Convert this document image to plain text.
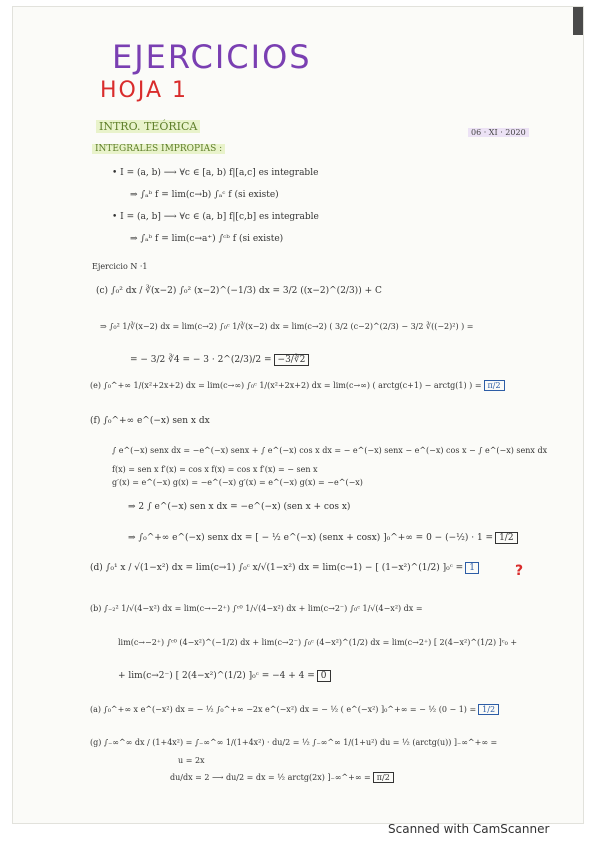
EJERCICIOS
HOJA 1
INTRO. TEÓRICA	06 · XI · 2020
INTEGRALES IMPROPIAS :
• I = (a, b) ⟶ ∀c ∈ [a, b) f|[a,c] es integrable
⇒ ∫ₐᵇ f = lim(c→b) ∫ₐᶜ f (si existe)
• I = (a, b] ⟶ ∀c ∈ (a, b] f|[c,b] es integrable
⇒ ∫ₐᵇ f = lim(c→a⁺) ∫ᶜᵇ f (si existe)
Ejercicio N ·1
(c) ∫₀² dx / ∛(x−2) ∫₀² (x−2)^(−1/3) dx = 3/2 ((x−2)^(2/3)) + C
⇒ ∫₀² 1/∛(x−2) dx = lim(c→2) ∫₀ᶜ 1/∛(x−2) dx = lim(c→2) ( 3/2 (c−2)^(2/3) − 3/2 ∛((−2)²) ) =
= − 3/2 ∛4 = − 3 · 2^(2/3)/2 = −3/∛2
(e) ∫₀^+∞ 1/(x²+2x+2) dx = lim(c→∞) ∫₀ᶜ 1/(x²+2x+2) dx = lim(c→∞) ( arctg(c+1) − arctg(1) ) = π/2
(f) ∫₀^+∞ e^(−x) sen x dx
∫ e^(−x) senx dx = −e^(−x) senx + ∫ e^(−x) cos x dx = − e^(−x) senx − e^(−x) cos x − ∫ e^(−x) senx dx
f(x) = sen x f′(x) = cos x f(x) = cos x f′(x) = − sen x
g′(x) = e^(−x) g(x) = −e^(−x) g′(x) = e^(−x) g(x) = −e^(−x)
⇒ 2 ∫ e^(−x) sen x dx = −e^(−x) (sen x + cos x)
⇒ ∫₀^+∞ e^(−x) senx dx = [ − ½ e^(−x) (senx + cosx) ]₀^+∞ = 0 − (−½) · 1 = 1/2
(d) ∫₀¹ x / √(1−x²) dx = lim(c→1) ∫₀ᶜ x/√(1−x²) dx = lim(c→1) − [ (1−x²)^(1/2) ]₀ᶜ = 1	?
(b) ∫₋₂² 1/√(4−x²) dx = lim(c→−2⁺) ∫ᶜ⁰ 1/√(4−x²) dx + lim(c→2⁻) ∫₀ᶜ 1/√(4−x²) dx =
lim(c→−2⁺) ∫ᶜ⁰ (4−x²)^(−1/2) dx + lim(c→2⁻) ∫₀ᶜ (4−x²)^(1/2) dx = lim(c→2⁺) [ 2(4−x²)^(1/2) ]ᶜ₀ +
+ lim(c→2⁻) [ 2(4−x²)^(1/2) ]₀ᶜ = −4 + 4 = 0
(a) ∫₀^+∞ x e^(−x²) dx = − ½ ∫₀^+∞ −2x e^(−x²) dx = − ½ ( e^(−x²) ]₀^+∞ = − ½ (0 − 1) = 1/2
(g) ∫₋∞^∞ dx / (1+4x²) = ∫₋∞^∞ 1/(1+4x²) · du/2 = ½ ∫₋∞^∞ 1/(1+u²) du = ½ (arctg(u)) ]₋∞^+∞ =
u = 2x
du/dx = 2 ⟶ du/2 = dx = ½ arctg(2x) ]₋∞^+∞ = π/2
Scanned with CamScanner
